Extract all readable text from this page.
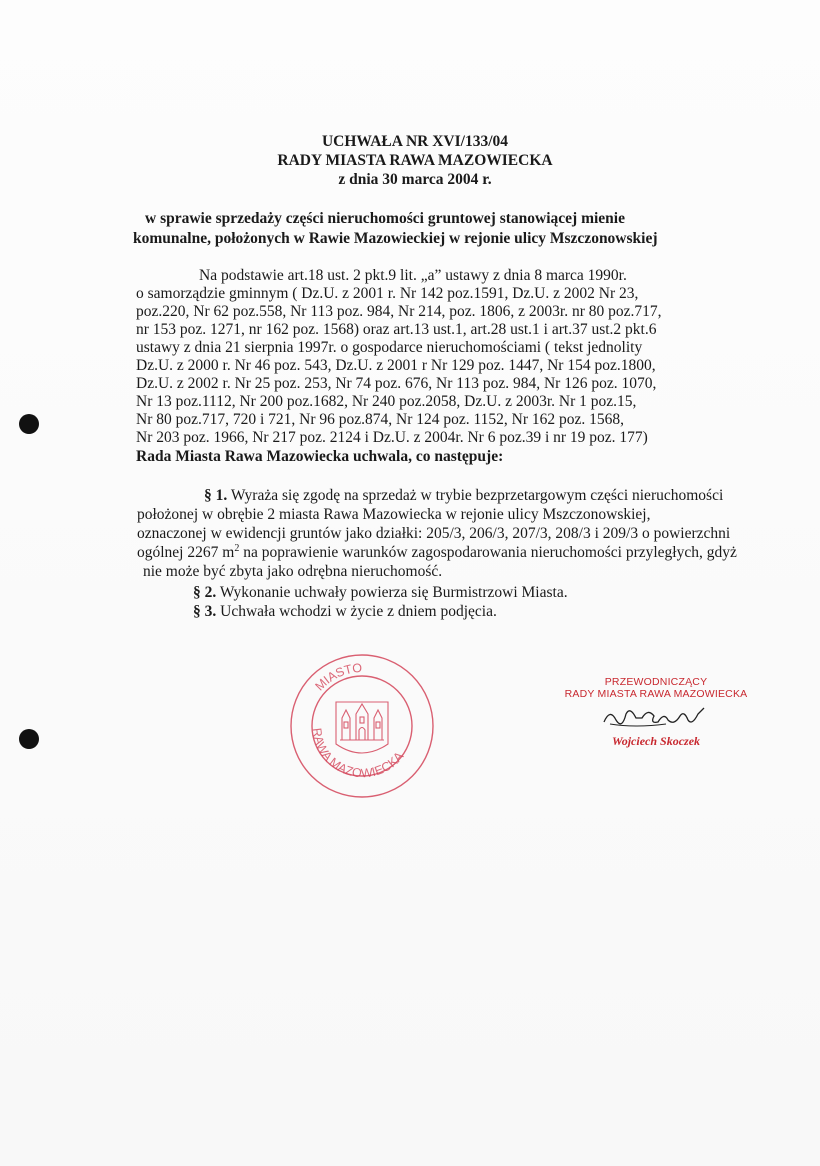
UCHWAŁA NR XVI/133/04
RADY MIASTA RAWA MAZOWIECKA
z dnia 30 marca 2004 r.
w sprawie sprzedaży części nieruchomości gruntowej stanowiącej mienie
komunalne, położonych w Rawie Mazowieckiej w rejonie ulicy Mszczonowskiej
Na podstawie art.18 ust. 2 pkt.9 lit. „a” ustawy z dnia 8 marca 1990r.
o samorządzie gminnym ( Dz.U. z 2001 r. Nr 142 poz.1591, Dz.U. z 2002 Nr 23,
poz.220, Nr 62 poz.558, Nr 113 poz. 984, Nr 214, poz. 1806, z 2003r. nr 80 poz.717,
nr 153 poz. 1271, nr 162 poz. 1568) oraz art.13 ust.1, art.28 ust.1 i art.37 ust.2 pkt.6
ustawy z dnia 21 sierpnia 1997r. o gospodarce nieruchomościami ( tekst jednolity
Dz.U. z 2000 r. Nr 46 poz. 543, Dz.U. z 2001 r Nr 129 poz. 1447, Nr 154 poz.1800,
Dz.U. z 2002 r. Nr 25 poz. 253, Nr 74 poz. 676, Nr 113 poz. 984, Nr 126 poz. 1070,
Nr 13 poz.1112, Nr 200 poz.1682, Nr 240 poz.2058, Dz.U. z 2003r. Nr 1 poz.15,
Nr 80 poz.717, 720 i 721, Nr 96 poz.874, Nr 124 poz. 1152, Nr 162 poz. 1568,
Nr 203 poz. 1966, Nr 217 poz. 2124 i Dz.U. z 2004r. Nr 6 poz.39 i nr 19 poz. 177)
Rada Miasta Rawa Mazowiecka uchwala, co następuje:
§ 1. Wyraża się zgodę na sprzedaż w trybie bezprzetargowym części nieruchomości
położonej w obrębie 2 miasta Rawa Mazowiecka w rejonie ulicy Mszczonowskiej,
oznaczonej w ewidencji gruntów jako działki: 205/3, 206/3, 207/3, 208/3 i 209/3 o powierzchni
ogólnej 2267 $m^2$ na poprawienie warunków zagospodarowania nieruchomości przyległych, gdyż
nie może być zbyta jako odrębna nieruchomość.
§ 2. Wykonanie uchwały powierza się Burmistrzowi Miasta.
§ 3. Uchwała wchodzi w życie z dniem podjęcia.
MIASTO
RAWA MAZOWIECKA
PRZEWODNICZĄCY
RADY MIASTA RAWA MAZOWIECKA
Wojciech Skoczek
